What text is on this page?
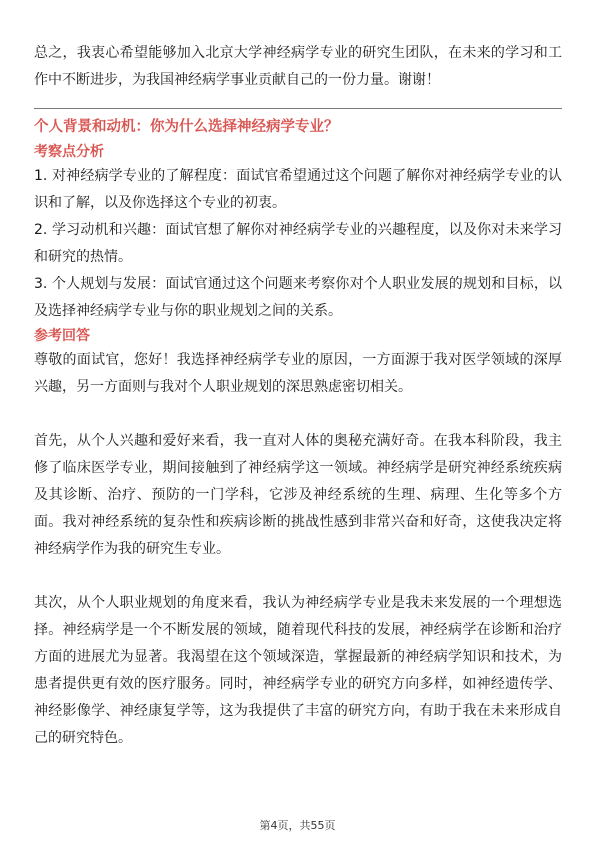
总之，我衷心希望能够加入北京大学神经病学专业的研究生团队，在未来的学习和工作中不断进步，为我国神经病学事业贡献自己的一份力量。谢谢！

个人背景和动机：你为什么选择神经病学专业？

考察点分析

1. 对神经病学专业的了解程度：面试官希望通过这个问题了解你对神经病学专业的认识和了解，以及你选择这个专业的初衷。

2. 学习动机和兴趣：面试官想了解你对神经病学专业的兴趣程度，以及你对未来学习和研究的热情。

3. 个人规划与发展：面试官通过这个问题来考察你对个人职业发展的规划和目标，以及选择神经病学专业与你的职业规划之间的关系。

参考回答

尊敬的面试官，您好！我选择神经病学专业的原因，一方面源于我对医学领域的深厚兴趣，另一方面则与我对个人职业规划的深思熟虑密切相关。

首先，从个人兴趣和爱好来看，我一直对人体的奥秘充满好奇。在我本科阶段，我主修了临床医学专业，期间接触到了神经病学这一领域。神经病学是研究神经系统疾病及其诊断、治疗、预防的一门学科，它涉及神经系统的生理、病理、生化等多个方面。我对神经系统的复杂性和疾病诊断的挑战性感到非常兴奋和好奇，这使我决定将神经病学作为我的研究生专业。

其次，从个人职业规划的角度来看，我认为神经病学专业是我未来发展的一个理想选择。神经病学是一个不断发展的领域，随着现代科技的发展，神经病学在诊断和治疗方面的进展尤为显著。我渴望在这个领域深造，掌握最新的神经病学知识和技术，为患者提供更有效的医疗服务。同时，神经病学专业的研究方向多样，如神经遗传学、神经影像学、神经康复学等，这为我提供了丰富的研究方向，有助于我在未来形成自己的研究特色。

第4页，共55页
